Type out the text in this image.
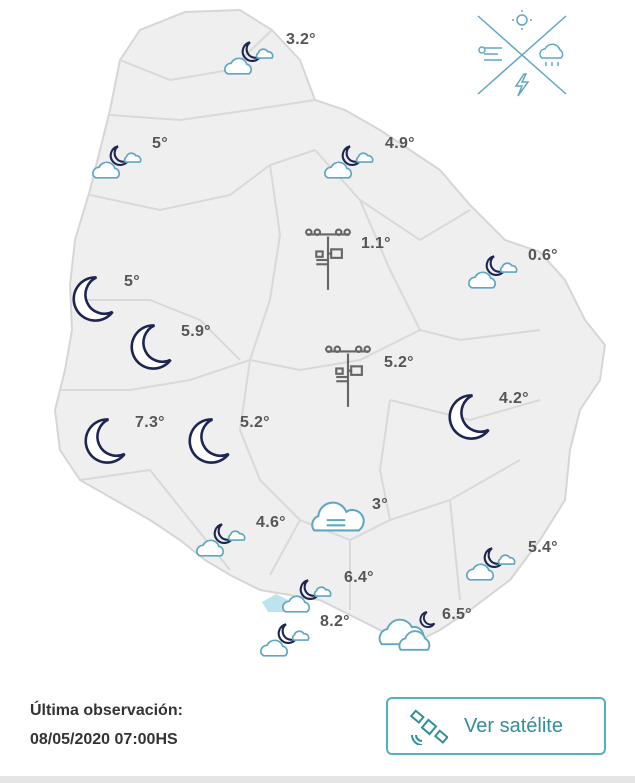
3.2°
5°	4.9°
1.1°
0.6°
5°
5.9°
5.2°
4.2°
7.3°	5.2°
3°
4.6°
5.4°
6.4°
8.2°	6.5°
Última observación:
08/05/2020 07:00HS
Ver satélite
